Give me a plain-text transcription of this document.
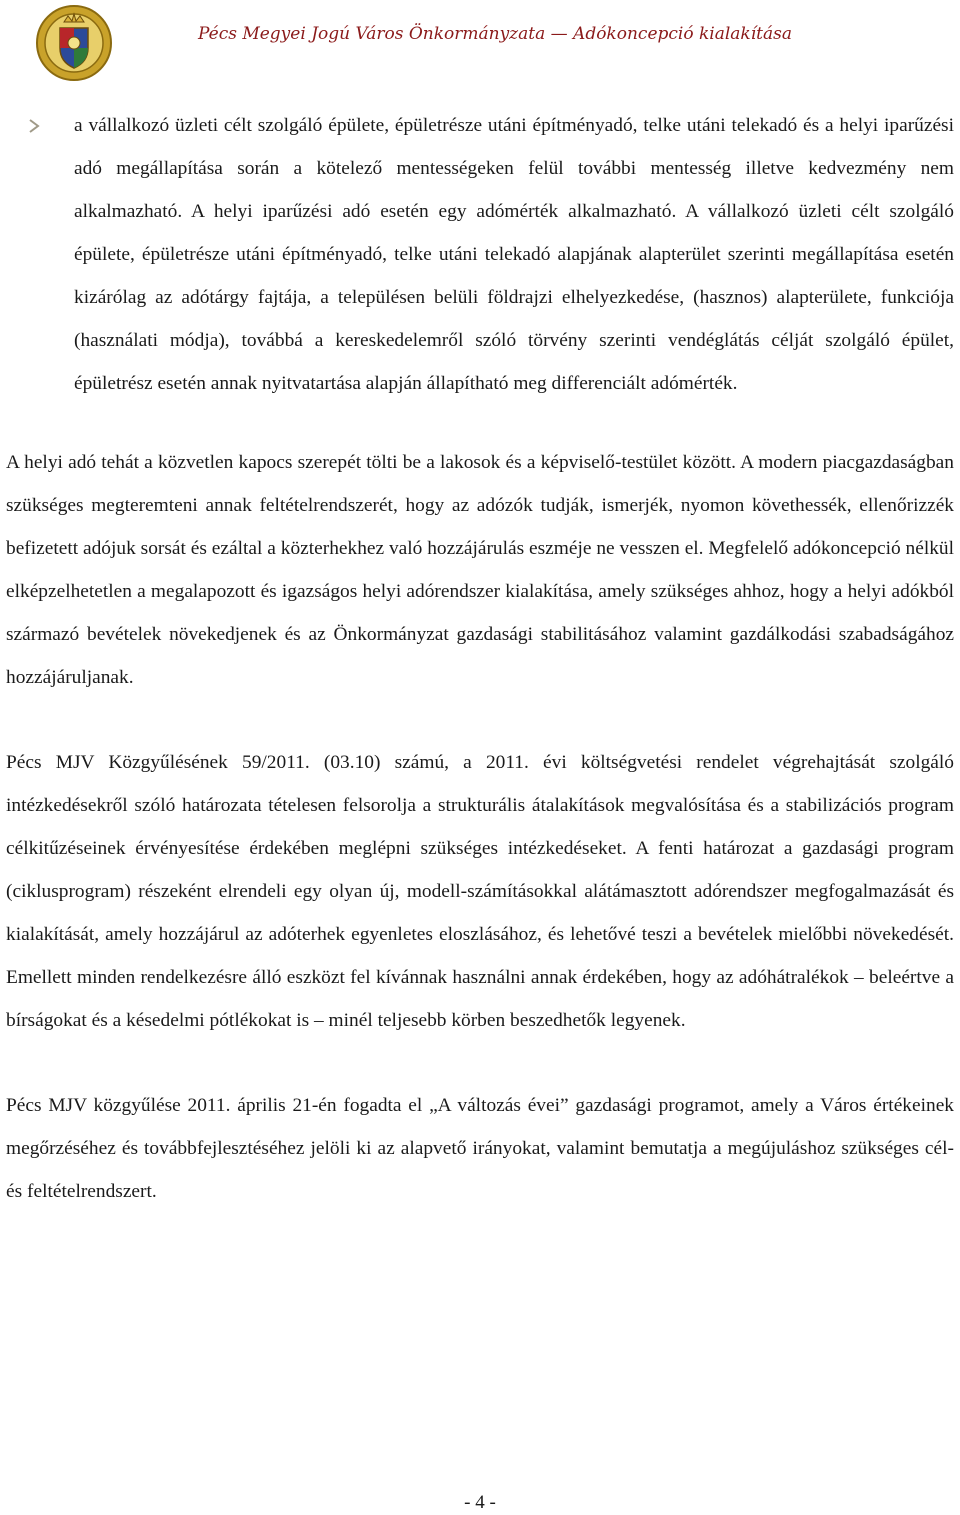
Pécs Megyei Jogú Város Önkormányzata — Adókoncepció kialakítása

a vállalkozó üzleti célt szolgáló épülete, épületrésze utáni építményadó, telke utáni telekadó és a helyi iparűzési adó megállapítása során a kötelező mentességeken felül további mentesség illetve kedvezmény nem alkalmazható. A helyi iparűzési adó esetén egy adómérték alkalmazható. A vállalkozó üzleti célt szolgáló épülete, épületrésze utáni építményadó, telke utáni telekadó alapjának alapterület szerinti megállapítása esetén kizárólag az adótárgy fajtája, a településen belüli földrajzi elhelyezkedése, (hasznos) alapterülete, funkciója (használati módja), továbbá a kereskedelemről szóló törvény szerinti vendéglátás célját szolgáló épület, épületrész esetén annak nyitvatartása alapján állapítható meg differenciált adómérték.

A helyi adó tehát a közvetlen kapocs szerepét tölti be a lakosok és a képviselő-testület között. A modern piacgazdaságban szükséges megteremteni annak feltételrendszerét, hogy az adózók tudják, ismerjék, nyomon követhessék, ellenőrizzék befizetett adójuk sorsát és ezáltal a közterhekhez való hozzájárulás eszméje ne vesszen el. Megfelelő adókoncepció nélkül elképzelhetetlen a megalapozott és igazságos helyi adórendszer kialakítása, amely szükséges ahhoz, hogy a helyi adókból származó bevételek növekedjenek és az Önkormányzat gazdasági stabilitásához valamint gazdálkodási szabadságához hozzájáruljanak.

Pécs MJV Közgyűlésének 59/2011. (03.10) számú, a 2011. évi költségvetési rendelet végrehajtását szolgáló intézkedésekről szóló határozata tételesen felsorolja a strukturális átalakítások megvalósítása és a stabilizációs program célkitűzéseinek érvényesítése érdekében meglépni szükséges intézkedéseket. A fenti határozat a gazdasági program (ciklusprogram) részeként elrendeli egy olyan új, modell-számításokkal alátámasztott adórendszer megfogalmazását és kialakítását, amely hozzájárul az adóterhek egyenletes eloszlásához, és lehetővé teszi a bevételek mielőbbi növekedését. Emellett minden rendelkezésre álló eszközt fel kívánnak használni annak érdekében, hogy az adóhátralékok – beleértve a bírságokat és a késedelmi pótlékokat is – minél teljesebb körben beszedhetők legyenek.

Pécs MJV közgyűlése 2011. április 21-én fogadta el „A változás évei” gazdasági programot, amely a Város értékeinek megőrzéséhez és továbbfejlesztéséhez jelöli ki az alapvető irányokat, valamint bemutatja a megújuláshoz szükséges cél- és feltételrendszert.

- 4 -
